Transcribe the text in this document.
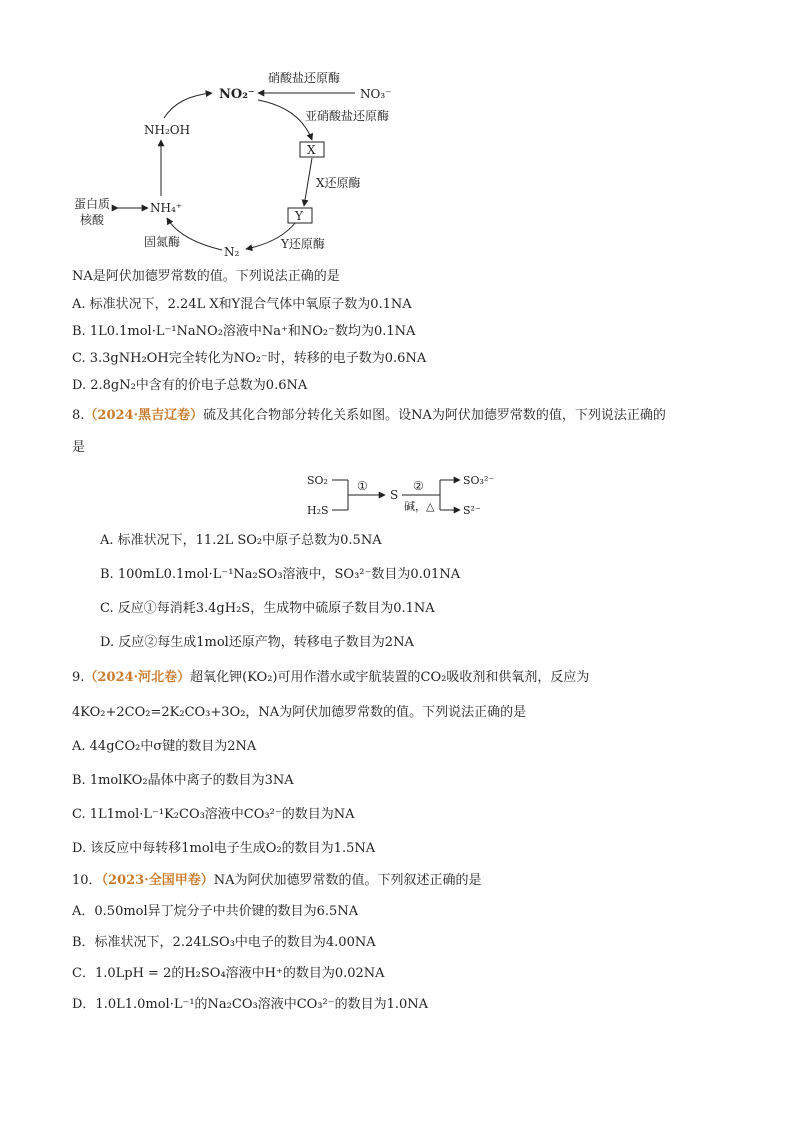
NO₂⁻	NO₃⁻
硝酸盐还原酶
亚硝酸盐还原酶
X
X还原酶
Y
Y还原酶
N₂
固氮酶
NH₄⁺
NH₂OH
蛋白质
核酸
NA是阿伏加德罗常数的值。下列说法正确的是
A. 标准状况下，2.24L X和Y混合气体中氧原子数为0.1NA
B. 1L0.1mol·L⁻¹NaNO₂溶液中Na⁺和NO₂⁻数均为0.1NA
C. 3.3gNH₂OH完全转化为NO₂⁻时，转移的电子数为0.6NA
D. 2.8gN₂中含有的价电子总数为0.6NA
8.（2024·黑吉辽卷）硫及其化合物部分转化关系如图。设NA为阿伏加德罗常数的值，下列说法正确的
是
SO₂
H₂S
①
S
②
碱，△
SO₃²⁻
S²⁻
A. 标准状况下，11.2L SO₂中原子总数为0.5NA
B. 100mL0.1mol·L⁻¹Na₂SO₃溶液中，SO₃²⁻数目为0.01NA
C. 反应①每消耗3.4gH₂S，生成物中硫原子数目为0.1NA
D. 反应②每生成1mol还原产物，转移电子数目为2NA
9.（2024·河北卷）超氧化钾(KO₂)可用作潜水或宇航装置的CO₂吸收剂和供氧剂，反应为
4KO₂+2CO₂=2K₂CO₃+3O₂，NA为阿伏加德罗常数的值。下列说法正确的是
A. 44gCO₂中σ键的数目为2NA
B. 1molKO₂晶体中离子的数目为3NA
C. 1L1mol·L⁻¹K₂CO₃溶液中CO₃²⁻的数目为NA
D. 该反应中每转移1mol电子生成O₂的数目为1.5NA
10．（2023·全国甲卷）NA为阿伏加德罗常数的值。下列叙述正确的是
A．0.50mol异丁烷分子中共价键的数目为6.5NA
B．标准状况下，2.24LSO₃中电子的数目为4.00NA
C．1.0LpH = 2的H₂SO₄溶液中H⁺的数目为0.02NA
D．1.0L1.0mol·L⁻¹的Na₂CO₃溶液中CO₃²⁻的数目为1.0NA
